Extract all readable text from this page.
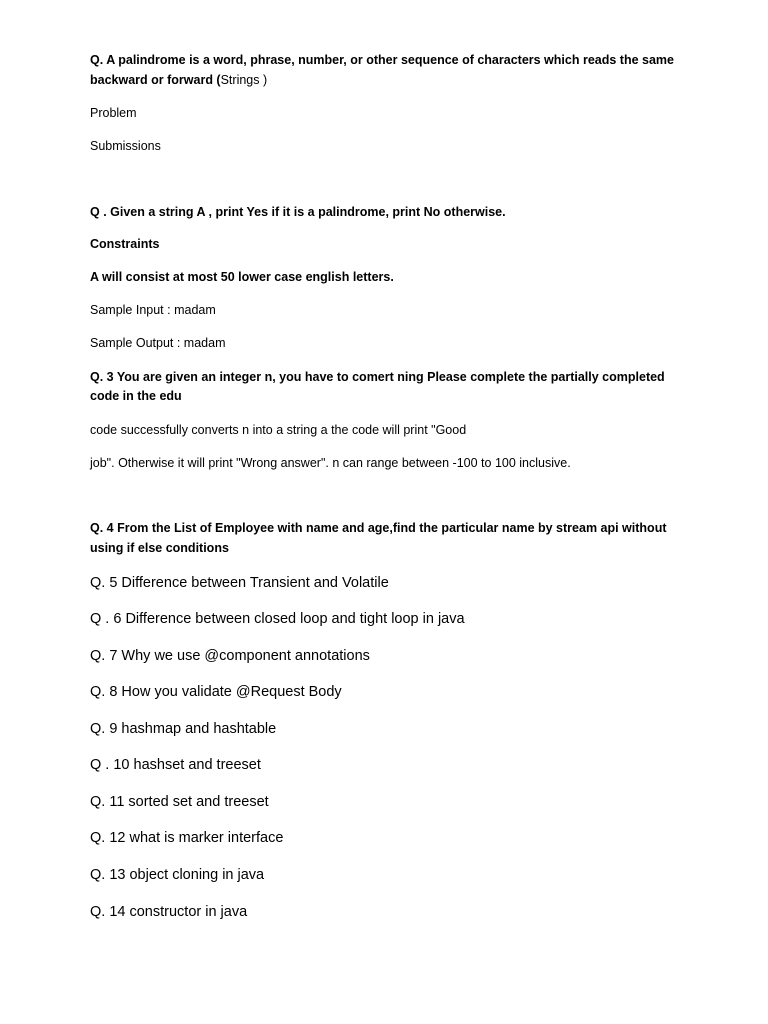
Q. A palindrome is a word, phrase, number, or other sequence of characters which reads the same

backward or forward (Strings )

Problem

Submissions

Q . Given a string A , print Yes if it is a palindrome, print No otherwise.

Constraints

A will consist at most 50 lower case english letters.

Sample Input : madam

Sample Output : madam

Q. 3 You are given an integer n, you have to comert ning Please complete the partially completed

code in the edu

code successfully converts n into a string a the code will print "Good

job". Otherwise it will print "Wrong answer". n can range between -100 to 100 inclusive.

Q. 4 From the List of Employee with name and age,find the particular name by stream api without

using if else conditions

Q. 5 Difference between Transient and Volatile

Q . 6 Difference between closed loop and tight loop in java

Q. 7 Why we use @component annotations

Q. 8 How you validate @Request Body

Q. 9 hashmap and hashtable

Q . 10 hashset and treeset

Q. 11 sorted set and treeset

Q. 12 what is marker interface

Q. 13 object cloning in java

Q. 14 constructor in java
